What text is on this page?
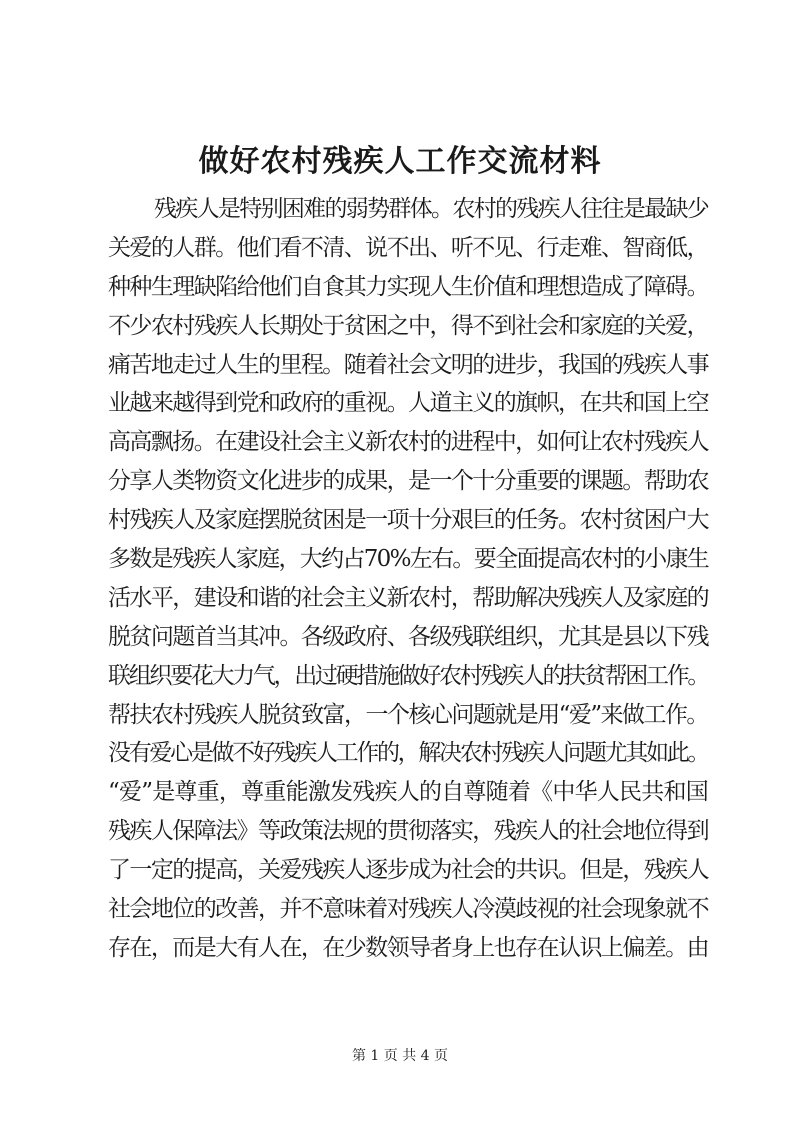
做好农村残疾人工作交流材料
残疾人是特别困难的弱势群体。农村的残疾人往往是最缺少
关爱的人群。他们看不清、说不出、听不见、行走难、智商低，
种种生理缺陷给他们自食其力实现人生价值和理想造成了障碍。
不少农村残疾人长期处于贫困之中，得不到社会和家庭的关爱，
痛苦地走过人生的里程。随着社会文明的进步，我国的残疾人事
业越来越得到党和政府的重视。人道主义的旗帜，在共和国上空
高高飘扬。在建设社会主义新农村的进程中，如何让农村残疾人
分享人类物资文化进步的成果，是一个十分重要的课题。帮助农
村残疾人及家庭摆脱贫困是一项十分艰巨的任务。农村贫困户大
多数是残疾人家庭，大约占70%左右。要全面提高农村的小康生
活水平，建设和谐的社会主义新农村，帮助解决残疾人及家庭的
脱贫问题首当其冲。各级政府、各级残联组织，尤其是县以下残
联组织要花大力气，出过硬措施做好农村残疾人的扶贫帮困工作。
帮扶农村残疾人脱贫致富，一个核心问题就是用“爱”来做工作。
没有爱心是做不好残疾人工作的，解决农村残疾人问题尤其如此。
“爱”是尊重，尊重能激发残疾人的自尊随着《中华人民共和国
残疾人保障法》等政策法规的贯彻落实，残疾人的社会地位得到
了一定的提高，关爱残疾人逐步成为社会的共识。但是，残疾人
社会地位的改善，并不意味着对残疾人冷漠歧视的社会现象就不
存在，而是大有人在，在少数领导者身上也存在认识上偏差。由
第 1 页 共 4 页
